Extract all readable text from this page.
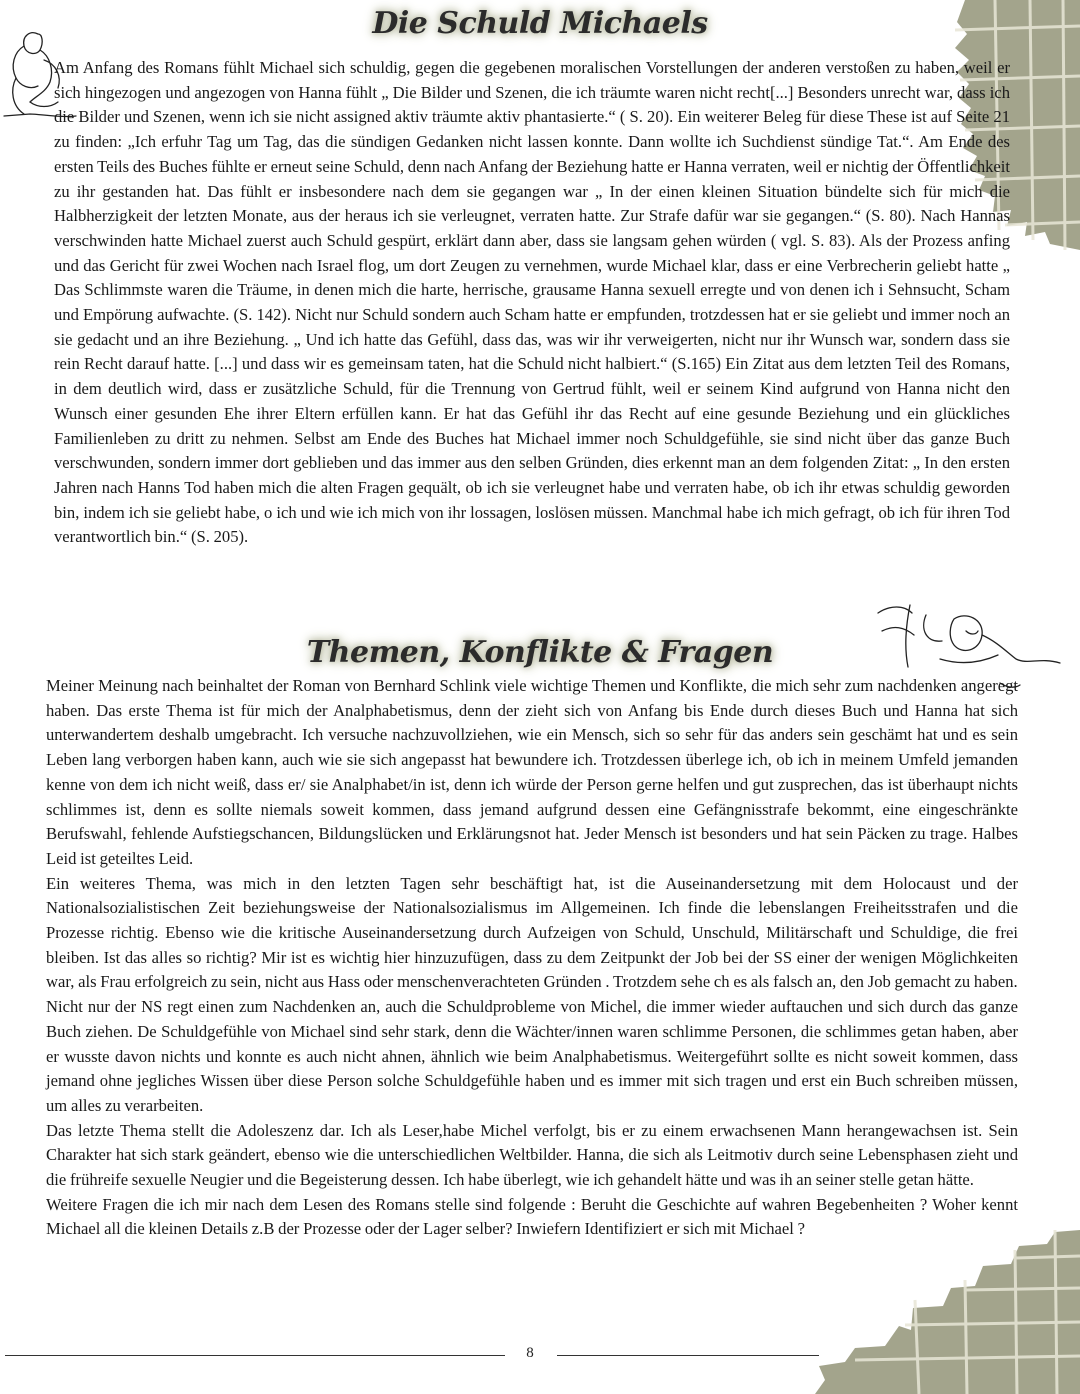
Die Schuld Michaels

Am Anfang des Romans fühlt Michael sich schuldig, gegen die gegebenen moralischen Vorstellungen der anderen verstoßen zu haben, weil er sich hingezogen und angezogen von Hanna fühlt „ Die Bilder und Szenen, die ich träumte waren nicht recht[...] Besonders unrecht war, dass ich die Bilder und Szenen, wenn ich sie nicht assigned aktiv träumte aktiv phantasierte.“ ( S. 20). Ein weiterer Beleg für diese These ist auf Seite 21 zu finden: „Ich erfuhr Tag um Tag, das die sündigen Gedanken nicht lassen konnte. Dann wollte ich Suchdienst sündige Tat.“. Am Ende des ersten Teils des Buches fühlte er erneut seine Schuld, denn nach Anfang der Beziehung hatte er Hanna verraten, weil er nichtig der Öffentlichkeit zu ihr gestanden hat. Das fühlt er insbesondere nach dem sie gegangen war „ In der einen kleinen Situation bündelte sich für mich die Halbherzigkeit der letzten Monate, aus der heraus ich sie verleugnet, verraten hatte. Zur Strafe dafür war sie gegangen.“ (S. 80). Nach Hannas verschwinden hatte Michael zuerst auch Schuld gespürt, erklärt dann aber, dass sie langsam gehen würden ( vgl. S. 83). Als der Prozess anfing und das Gericht für zwei Wochen nach Israel flog, um dort Zeugen zu vernehmen, wurde Michael klar, dass er eine Verbrecherin geliebt hatte „ Das Schlimmste waren die Träume, in denen mich die harte, herrische, grausame Hanna sexuell erregte und von denen ich i Sehnsucht, Scham und Empörung aufwachte. (S. 142). Nicht nur Schuld sondern auch Scham hatte er empfunden, trotzdessen hat er sie geliebt und immer noch an sie gedacht und an ihre Beziehung. „ Und ich hatte das Gefühl, dass das, was wir ihr verweigerten, nicht nur ihr Wunsch war, sondern dass sie rein Recht darauf hatte. [...] und dass wir es gemeinsam taten, hat die Schuld nicht halbiert.“ (S.165) Ein Zitat aus dem letzten Teil des Romans, in dem deutlich wird, dass er zusätzliche Schuld, für die Trennung von Gertrud fühlt, weil er seinem Kind aufgrund von Hanna nicht den Wunsch einer gesunden Ehe ihrer Eltern erfüllen kann. Er hat das Gefühl ihr das Recht auf eine gesunde Beziehung und ein glückliches Familienleben zu dritt zu nehmen. Selbst am Ende des Buches hat Michael immer noch Schuldgefühle, sie sind nicht über das ganze Buch verschwunden, sondern immer dort geblieben und das immer aus den selben Gründen, dies erkennt man an dem folgenden Zitat: „ In den ersten Jahren nach Hanns Tod haben mich die alten Fragen gequält, ob ich sie verleugnet habe und verraten habe, ob ich ihr etwas schuldig geworden bin, indem ich sie geliebt habe, o ich und wie ich mich von ihr lossagen, loslösen müssen. Manchmal habe ich mich gefragt, ob ich für ihren Tod verantwortlich bin.“ (S. 205).

Themen, Konflikte & Fragen

Meiner Meinung nach beinhaltet der Roman von Bernhard Schlink viele wichtige Themen und Konflikte, die mich sehr zum nachdenken angeregt haben. Das erste Thema ist für mich der Analphabetismus, denn der zieht sich von Anfang bis Ende durch dieses Buch und Hanna hat sich unterwandertem deshalb umgebracht. Ich versuche nachzuvollziehen, wie ein Mensch, sich so sehr für das anders sein geschämt hat und es sein Leben lang verborgen haben kann, auch wie sie sich angepasst hat bewundere ich. Trotzdessen überlege ich, ob ich in meinem Umfeld jemanden kenne von dem ich nicht weiß, dass er/ sie Analphabet/in ist, denn ich würde der Person gerne helfen und gut zusprechen, das ist überhaupt nichts schlimmes ist, denn es sollte niemals soweit kommen, dass jemand aufgrund dessen eine Gefängnisstrafe bekommt, eine eingeschränkte Berufswahl, fehlende Aufstiegschancen, Bildungslücken und Erklärungsnot hat. Jeder Mensch ist besonders und hat sein Päcken zu trage. Halbes Leid ist geteiltes Leid.

Ein weiteres Thema, was mich in den letzten Tagen sehr beschäftigt hat, ist die Auseinandersetzung mit dem Holocaust und der Nationalsozialistischen Zeit beziehungsweise der Nationalsozialismus im Allgemeinen. Ich finde die lebenslangen Freiheitsstrafen und die Prozesse richtig. Ebenso wie die kritische Auseinandersetzung durch Aufzeigen von Schuld, Unschuld, Militärschaft und Schuldige, die frei bleiben. Ist das alles so richtig? Mir ist es wichtig hier hinzuzufügen, dass zu dem Zeitpunkt der Job bei der SS einer der wenigen Möglichkeiten war, als Frau erfolgreich zu sein, nicht aus Hass oder menschenverachteten Gründen . Trotzdem sehe ch es als falsch an, den Job gemacht zu haben.

Nicht nur der NS regt einen zum Nachdenken an, auch die Schuldprobleme von Michel, die immer wieder auftauchen und sich durch das ganze Buch ziehen. De Schuldgefühle von Michael sind sehr stark, denn die Wächter/innen waren schlimme Personen, die schlimmes getan haben, aber er wusste davon nichts und konnte es auch nicht ahnen, ähnlich wie beim Analphabetismus. Weitergeführt sollte es nicht soweit kommen, dass jemand ohne jegliches Wissen über diese Person solche Schuldgefühle haben und es immer mit sich tragen und erst ein Buch schreiben müssen, um alles zu verarbeiten.

Das letzte Thema stellt die Adoleszenz dar. Ich als Leser,habe Michel verfolgt, bis er zu einem erwachsenen Mann herangewachsen ist. Sein Charakter hat sich stark geändert, ebenso wie die unterschiedlichen Weltbilder. Hanna, die sich als Leitmotiv durch seine Lebensphasen zieht und die frühreife sexuelle Neugier und die Begeisterung dessen. Ich habe überlegt, wie ich gehandelt hätte und was ih an seiner stelle getan hätte.

Weitere Fragen die ich mir nach dem Lesen des Romans stelle sind folgende : Beruht die Geschichte auf wahren Begebenheiten ? Woher kennt Michael all die kleinen Details z.B der Prozesse oder der Lager selber? Inwiefern Identifiziert er sich mit Michael ?

8
